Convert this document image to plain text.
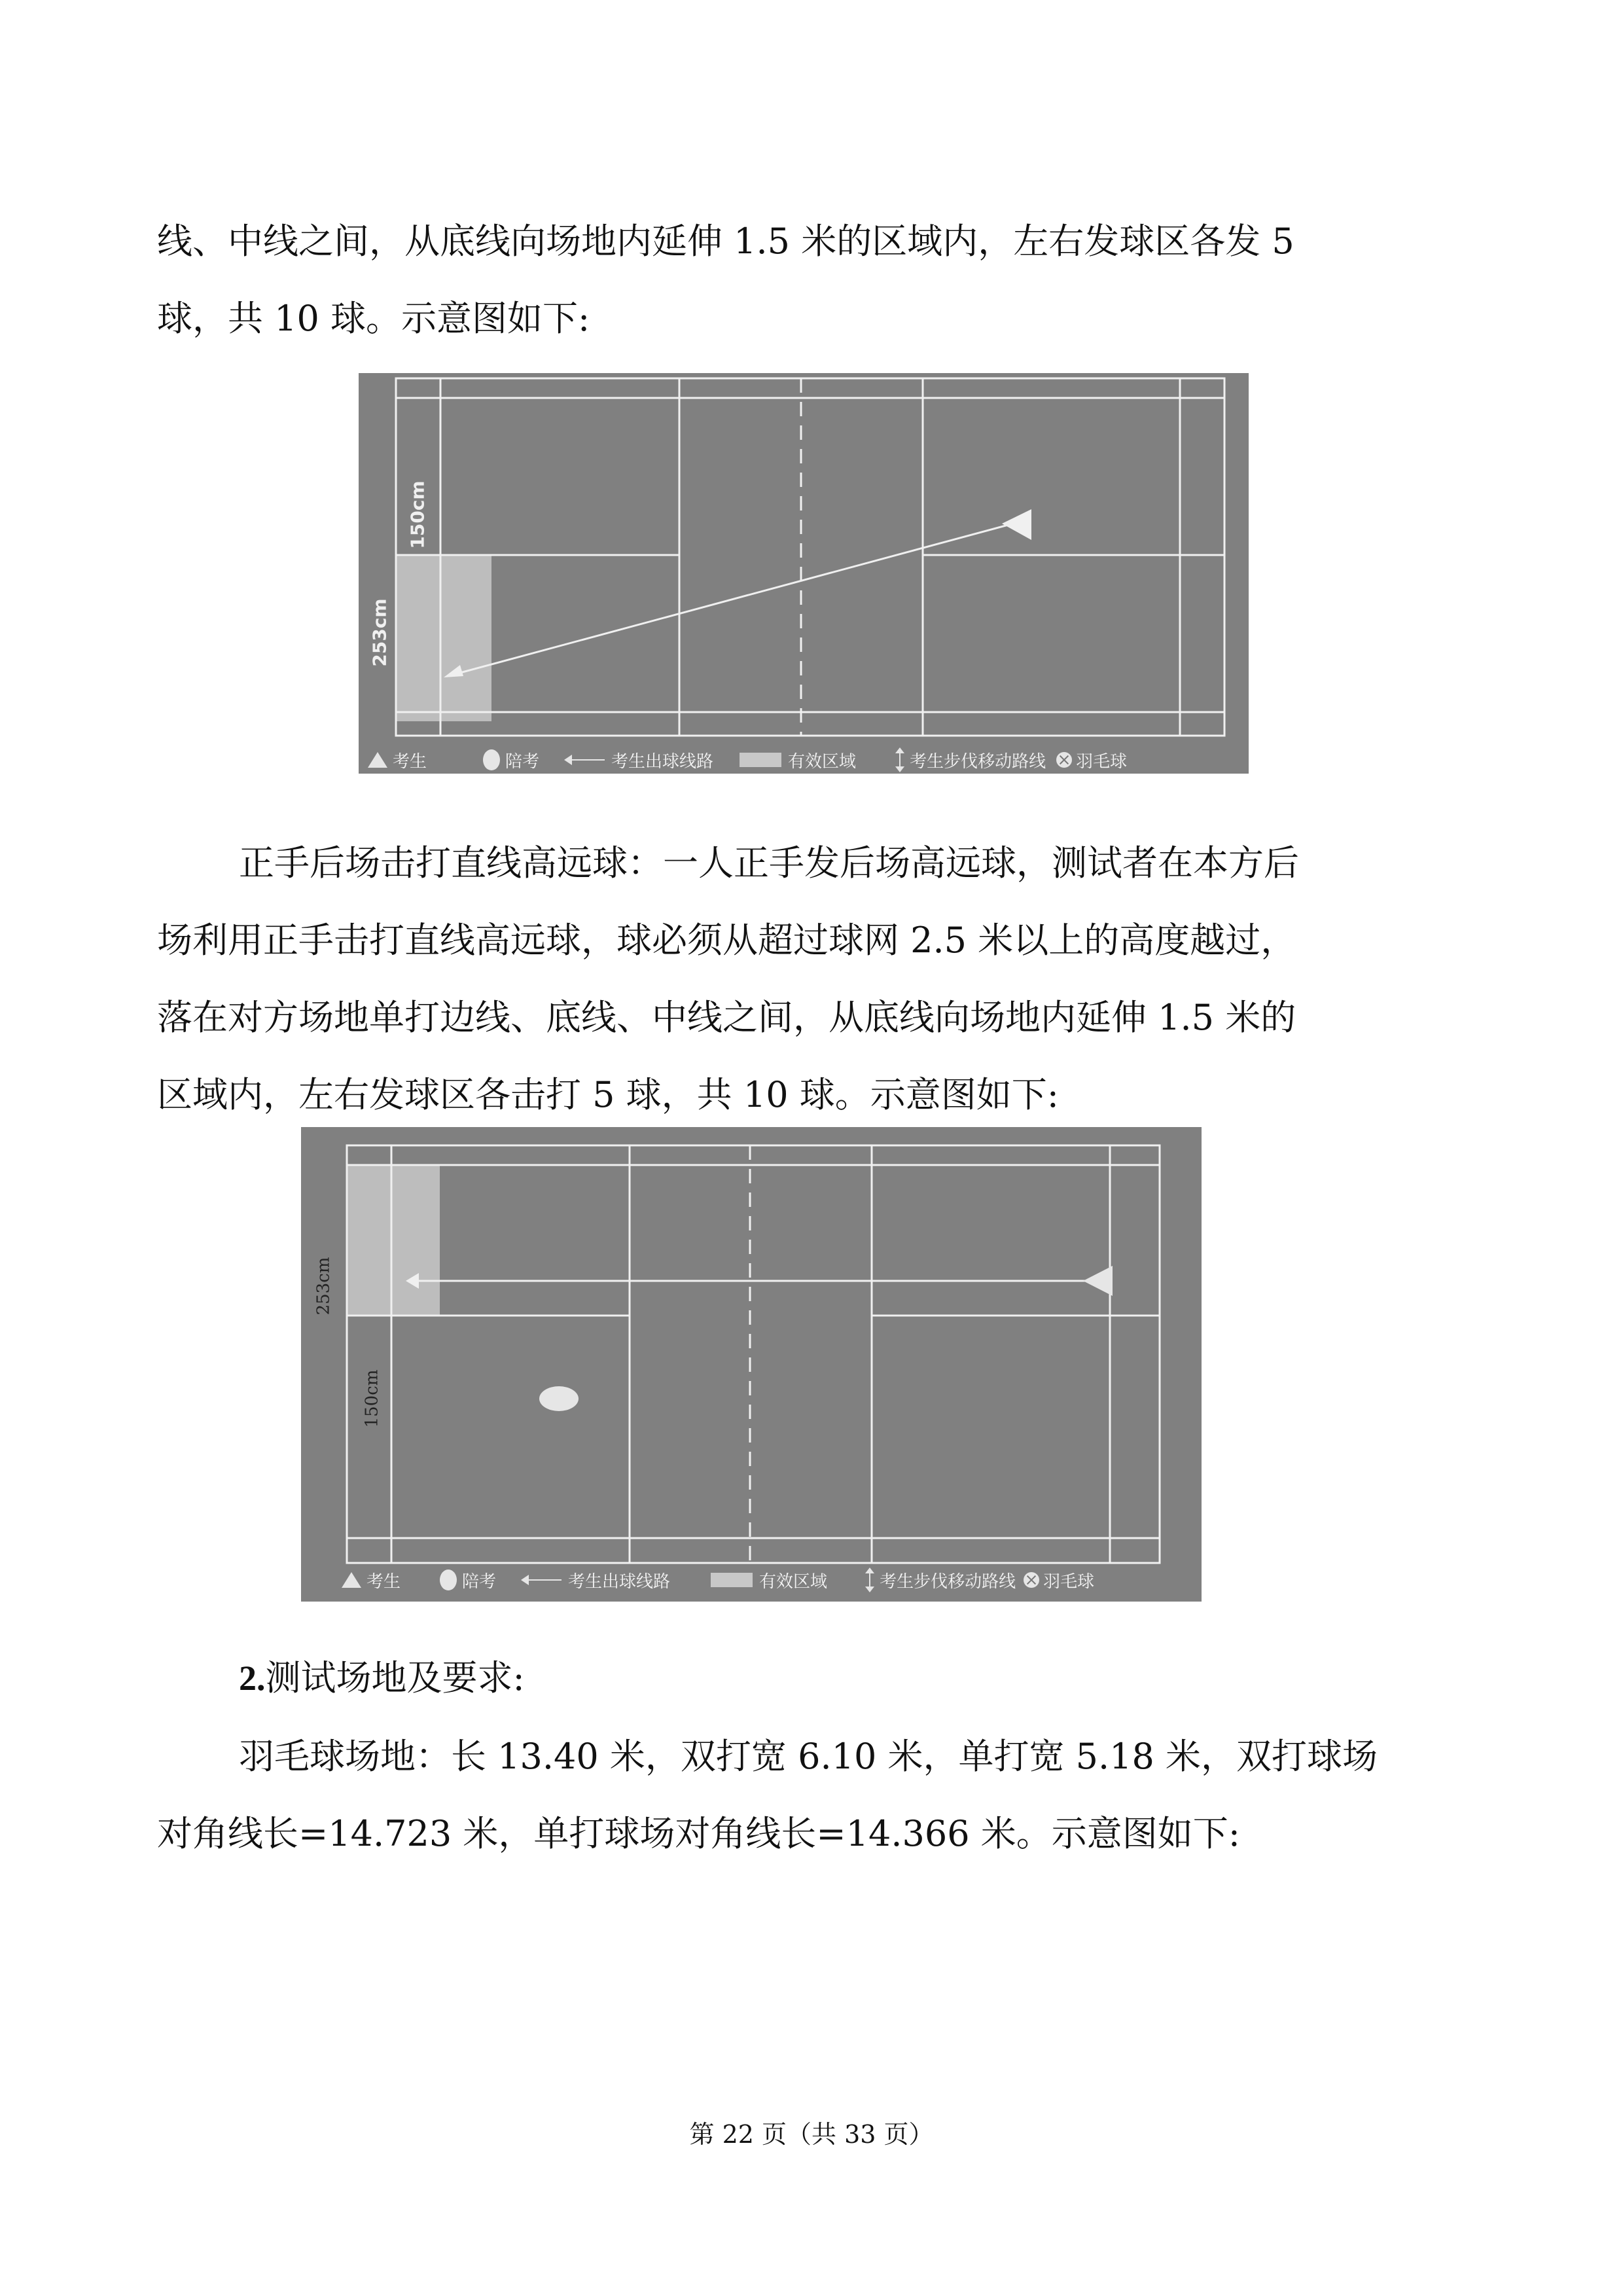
线、中线之间，从底线向场地内延伸 1.5 米的区域内，左右发球区各发 5
球，共 10 球。示意图如下:

150cm
253cm
考生	陪考	考生出球线路	有效区域	考生步伐移动路线 羽毛球

正手后场击打直线高远球：一人正手发后场高远球，测试者在本方后
场利用正手击打直线高远球，球必须从超过球网 2.5 米以上的高度越过，
落在对方场地单打边线、底线、中线之间，从底线向场地内延伸 1.5 米的
区域内，左右发球区各击打 5 球，共 10 球。示意图如下:

253cm
150cm
考生	陪考	考生出球线路	有效区域	考生步伐移动路线 羽毛球

2.测试场地及要求:

羽毛球场地：长 13.40 米，双打宽 6.10 米，单打宽 5.18 米，双打球场
对角线长=14.723 米，单打球场对角线长=14.366 米。示意图如下:

第 22 页（共 33 页）
